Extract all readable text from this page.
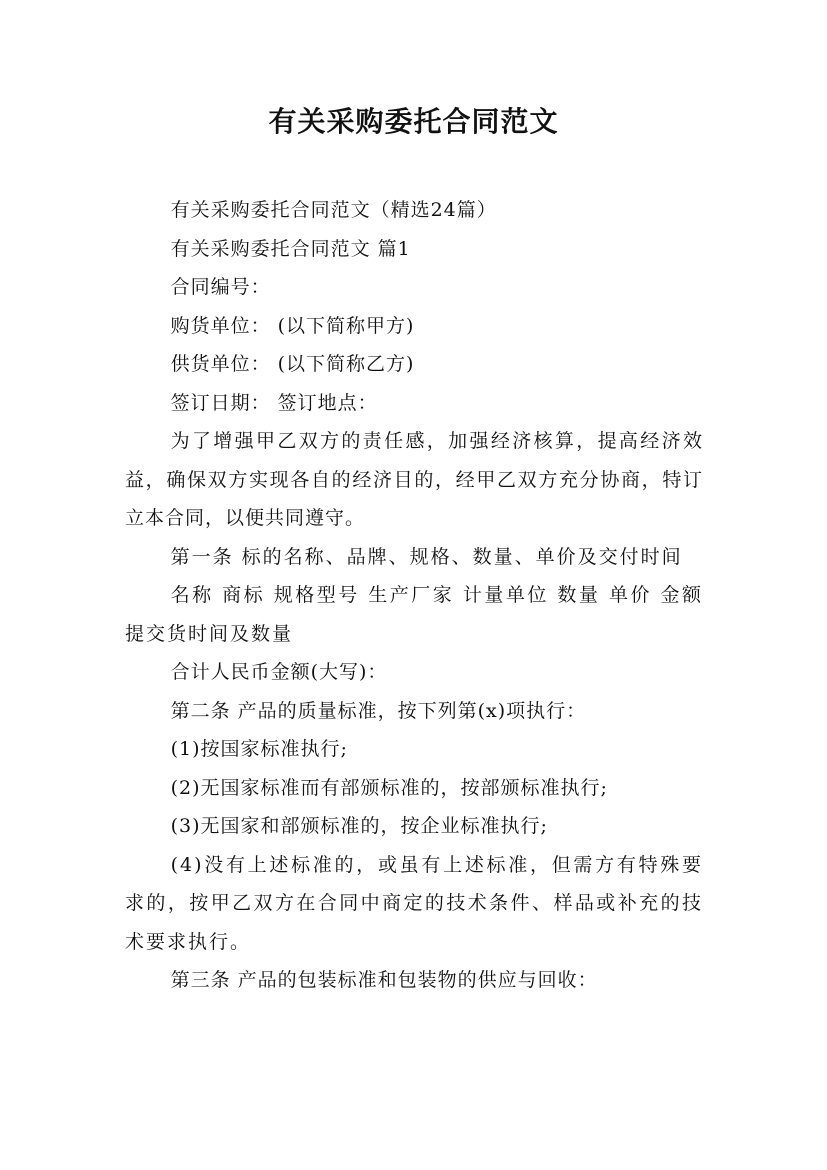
有关采购委托合同范文

有关采购委托合同范文（精选24篇）

有关采购委托合同范文 篇1

合同编号：

购货单位： (以下简称甲方)

供货单位： (以下简称乙方)

签订日期： 签订地点：

为了增强甲乙双方的责任感，加强经济核算，提高经济效益，确保双方实现各自的经济目的，经甲乙双方充分协商，特订立本合同，以便共同遵守。

第一条 标的名称、品牌、规格、数量、单价及交付时间

名称 商标 规格型号 生产厂家 计量单位 数量 单价 金额 提交货时间及数量

合计人民币金额(大写)：

第二条 产品的质量标准，按下列第(x)项执行：

(1)按国家标准执行;

(2)无国家标准而有部颁标准的，按部颁标准执行;

(3)无国家和部颁标准的，按企业标准执行;

(4)没有上述标准的，或虽有上述标准，但需方有特殊要求的，按甲乙双方在合同中商定的技术条件、样品或补充的技术要求执行。

第三条 产品的包装标准和包装物的供应与回收：
